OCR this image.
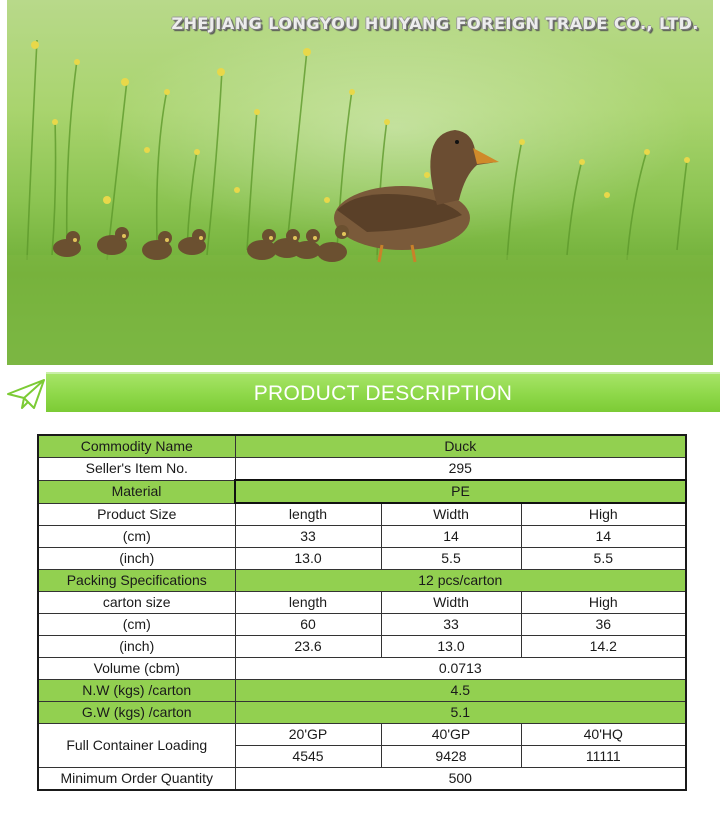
ZHEJIANG LONGYOU HUIYANG FOREIGN TRADE CO., LTD.
PRODUCT DESCRIPTION
Commodity Name	Duck		
Seller's Item No.	295		
Material	PE		
Product Size	length	Width	High
(cm)	33	14	14
(inch)	13.0	5.5	5.5
Packing Specifications	12 pcs/carton		
carton size	length	Width	High
(cm)	60	33	36
(inch)	23.6	13.0	14.2
Volume (cbm)	0.0713		
N.W (kgs) /carton	4.5		
G.W (kgs) /carton	5.1		
Full Container Loading	20'GP	40'GP	40'HQ
	4545	9428	11111
Minimum Order Quantity	500		
